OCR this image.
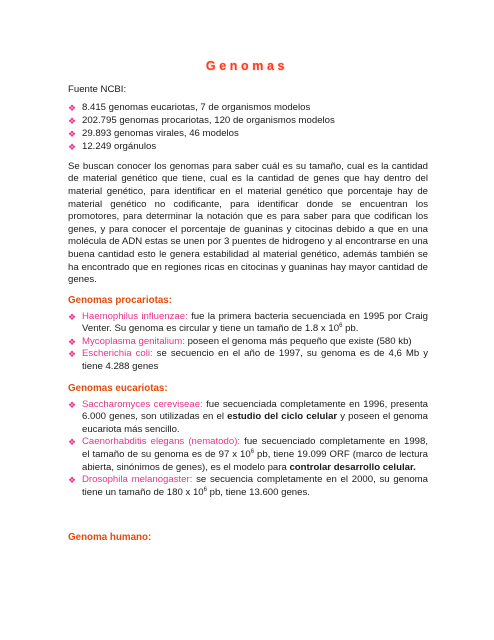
Genomas
Fuente NCBI:
❖ 8.415 genomas eucariotas, 7 de organismos modelos
❖ 202.795 genomas procariotas, 120 de organismos modelos
❖ 29.893 genomas virales, 46 modelos
❖ 12.249 orgánulos

Se buscan conocer los genomas para saber cuál es su tamaño, cual es la cantidad de material genético que tiene, cual es la cantidad de genes que hay dentro del material genético, para identificar en el material genético que porcentaje hay de material genético no codificante, para identificar donde se encuentran los promotores, para determinar la notación que es para saber para que codifican los genes, y para conocer el porcentaje de guaninas y citocinas debido a que en una molécula de ADN estas se unen por 3 puentes de hidrogeno y al encontrarse en una buena cantidad esto le genera estabilidad al material genético, además también se ha encontrado que en regiones ricas en citocinas y guaninas hay mayor cantidad de genes.

Genomas procariotas:
❖ Haemophilus influenzae: fue la primera bacteria secuenciada en 1995 por Craig Venter. Su genoma es circular y tiene un tamaño de 1.8 x $10^6$ pb.
❖ Mycoplasma genitalium: poseen el genoma más pequeño que existe (580 kb)
❖ Escherichia coli: se secuencio en el año de 1997, su genoma es de 4,6 Mb y tiene 4.288 genes
Genomas eucariotas:
❖ Saccharomyces cereviseae: fue secuenciada completamente en 1996, presenta 6.000 genes, son utilizadas en el estudio del ciclo celular y poseen el genoma eucariota más sencillo.
❖ Caenorhabditis elegans (nematodo): fue secuenciado completamente en 1998, el tamaño de su genoma es de 97 x $10^6$ pb, tiene 19.099 ORF (marco de lectura abierta, sinónimos de genes), es el modelo para controlar desarrollo celular.
❖ Drosophila melanogaster: se secuencia completamente en el 2000, su genoma tiene un tamaño de 180 x $10^6$ pb, tiene 13.600 genes.
Genoma humano:
